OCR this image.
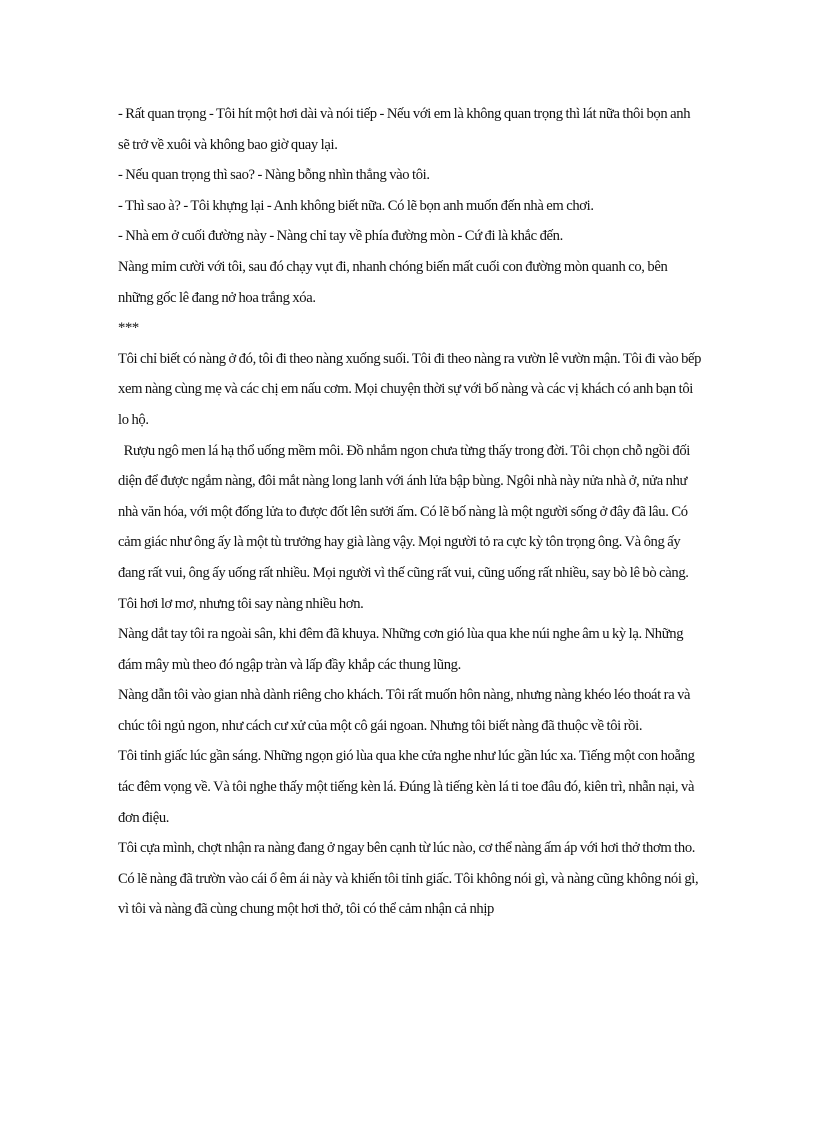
- Rất quan trọng - Tôi hít một hơi dài và nói tiếp - Nếu với em là không quan trọng thì lát nữa thôi bọn anh sẽ trở về xuôi và không bao giờ quay lại.

- Nếu quan trọng thì sao? - Nàng bỗng nhìn thẳng vào tôi.

- Thì sao à? - Tôi khựng lại - Anh không biết nữa. Có lẽ bọn anh muốn đến nhà em chơi.

- Nhà em ở cuối đường này - Nàng chỉ tay về phía đường mòn - Cứ đi là khắc đến.

Nàng mỉm cười với tôi, sau đó chạy vụt đi, nhanh chóng biến mất cuối con đường mòn quanh co, bên những gốc lê đang nở hoa trắng xóa.

***

Tôi chỉ biết có nàng ở đó, tôi đi theo nàng xuống suối. Tôi đi theo nàng ra vườn lê vườn mận. Tôi đi vào bếp xem nàng cùng mẹ và các chị em nấu cơm. Mọi chuyện thời sự với bố nàng và các vị khách có anh bạn tôi lo hộ.

Rượu ngô men lá hạ thổ uống mềm môi. Đồ nhắm ngon chưa từng thấy trong đời. Tôi chọn chỗ ngồi đối diện để được ngắm nàng, đôi mắt nàng long lanh với ánh lửa bập bùng. Ngôi nhà này nửa nhà ở, nửa như nhà văn hóa, với một đống lửa to được đốt lên sưởi ấm. Có lẽ bố nàng là một người sống ở đây đã lâu. Có cảm giác như ông ấy là một tù trưởng hay già làng vậy. Mọi người tỏ ra cực kỳ tôn trọng ông. Và ông ấy đang rất vui, ông ấy uống rất nhiều. Mọi người vì thế cũng rất vui, cũng uống rất nhiều, say bò lê bò càng. Tôi hơi lơ mơ, nhưng tôi say nàng nhiều hơn.

Nàng dắt tay tôi ra ngoài sân, khi đêm đã khuya. Những cơn gió lùa qua khe núi nghe âm u kỳ lạ. Những đám mây mù theo đó ngập tràn và lấp đầy khắp các thung lũng.

Nàng dẫn tôi vào gian nhà dành riêng cho khách. Tôi rất muốn hôn nàng, nhưng nàng khéo léo thoát ra và chúc tôi ngủ ngon, như cách cư xử của một cô gái ngoan. Nhưng tôi biết nàng đã thuộc về tôi rồi.

Tôi tỉnh giấc lúc gần sáng. Những ngọn gió lùa qua khe cửa nghe như lúc gần lúc xa. Tiếng một con hoẵng tác đêm vọng về. Và tôi nghe thấy một tiếng kèn lá. Đúng là tiếng kèn lá ti toe đâu đó, kiên trì, nhẫn nại, và đơn điệu.

Tôi cựa mình, chợt nhận ra nàng đang ở ngay bên cạnh từ lúc nào, cơ thể nàng ấm áp với hơi thở thơm tho. Có lẽ nàng đã trườn vào cái ổ êm ái này và khiến tôi tỉnh giấc. Tôi không nói gì, và nàng cũng không nói gì, vì tôi và nàng đã cùng chung một hơi thở, tôi có thể cảm nhận cả nhịp
